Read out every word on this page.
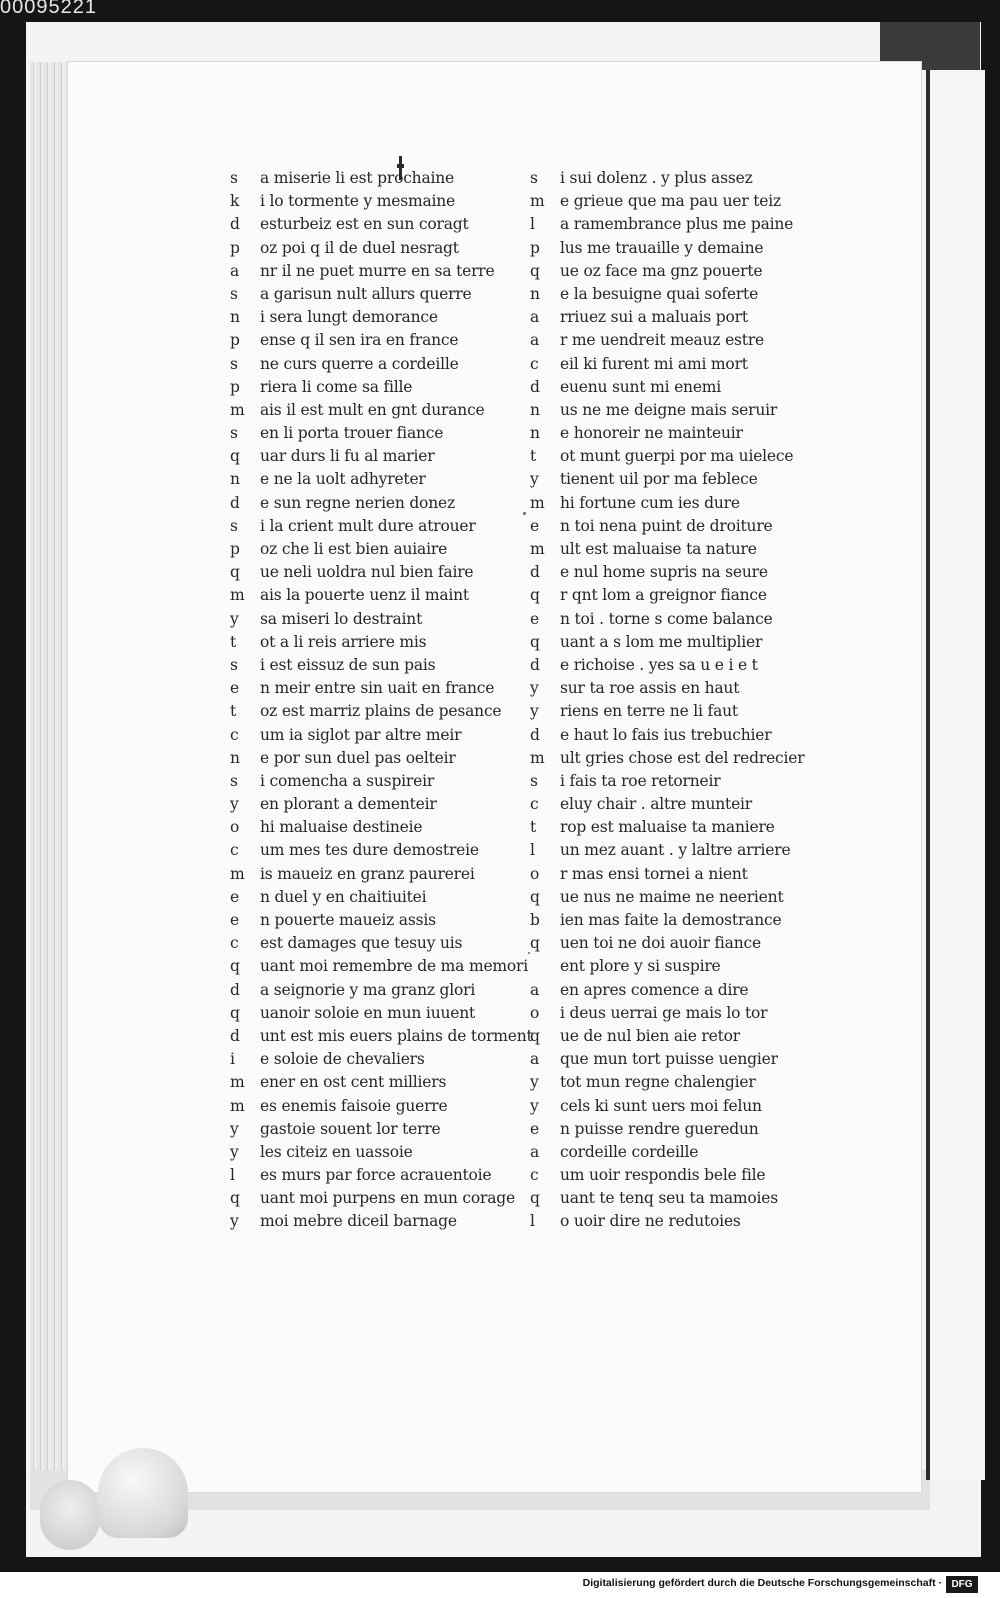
00095221
s a miserie li est prochaine
k i lo tormente y mesmaine
d esturbeiz est en sun coragt
p oz poi q il de duel nesragt
a nr il ne puet murre en sa terre
s a garisun nult allurs querre
n i sera lungt demorance
p ense q il sen ira en france
s ne curs querre a cordeille
p riera li come sa fille
m ais il est mult en gnt durance
s en li porta trouer fiance
q uar durs li fu al marier
n e ne la uolt adhyreter
d e sun regne nerien donez
s i la crient mult dure atrouer
p oz che li est bien auiaire
q ue neli uoldra nul bien faire
m ais la pouerte uenz il maint
y sa miseri lo destraint
t ot a li reis arriere mis
s i est eissuz de sun pais
e n meir entre sin uait en france
t oz est marriz plains de pesance
c um ia siglot par altre meir
n e por sun duel pas oelteir
s i comencha a suspireir
y en plorant a dementeir
o hi maluaise destineie
c um mes tes dure demostreie
m is maueiz en granz paurerei
e n duel y en chaitiuitei
e n pouerte maueiz assis
c est damages que tesuy uis
q uant moi remembre de ma memori
d a seignorie y ma granz glori
q uanoir soloie en mun iuuent
d unt est mis euers plains de torment
i e soloie de chevaliers
m ener en ost cent milliers
m es enemis faisoie guerre
y gastoie souent lor terre
y les citeiz en uassoie
l es murs par force acrauentoie
q uant moi purpens en mun corage
y moi mebre diceil barnage
s i sui dolenz . y plus assez
m e grieue que ma pau uer teiz
l a ramembrance plus me paine
p lus me trauaille y demaine
q ue oz face ma gnz pouerte
n e la besuigne quai soferte
a rriuez sui a maluais port
a r me uendreit meauz estre
c eil ki furent mi ami mort
d euenu sunt mi enemi
n us ne me deigne mais seruir
n e honoreir ne mainteuir
t ot munt guerpi por ma uielece
y tienent uil por ma feblece
m hi fortune cum ies dure
e n toi nena puint de droiture
m ult est maluaise ta nature
d e nul home supris na seure
q r qnt lom a greignor fiance
e n toi . torne s come balance
q uant a s lom me multiplier
d e richoise . yes sa u e i e t
y sur ta roe assis en haut
y riens en terre ne li faut
d e haut lo fais ius trebuchier
m ult gries chose est del redrecier
s i fais ta roe retorneir
c eluy chair . altre munteir
t rop est maluaise ta maniere
l un mez auant . y laltre arriere
o r mas ensi tornei a nient
q ue nus ne maime ne neerient
b ien mas faite la demostrance
q uen toi ne doi auoir fiance
ent plore y si suspire
a en apres comence a dire
o i deus uerrai ge mais lo tor
q ue de nul bien aie retor
a que mun tort puisse uengier
y tot mun regne chalengier
y cels ki sunt uers moi felun
e n puisse rendre gueredun
a cordeille cordeille
c um uoir respondis bele file
q uant te tenq seu ta mamoies
l o uoir dire ne redutoies
Digitalisierung gefördert durch die Deutsche Forschungsgemeinschaft · DFG
